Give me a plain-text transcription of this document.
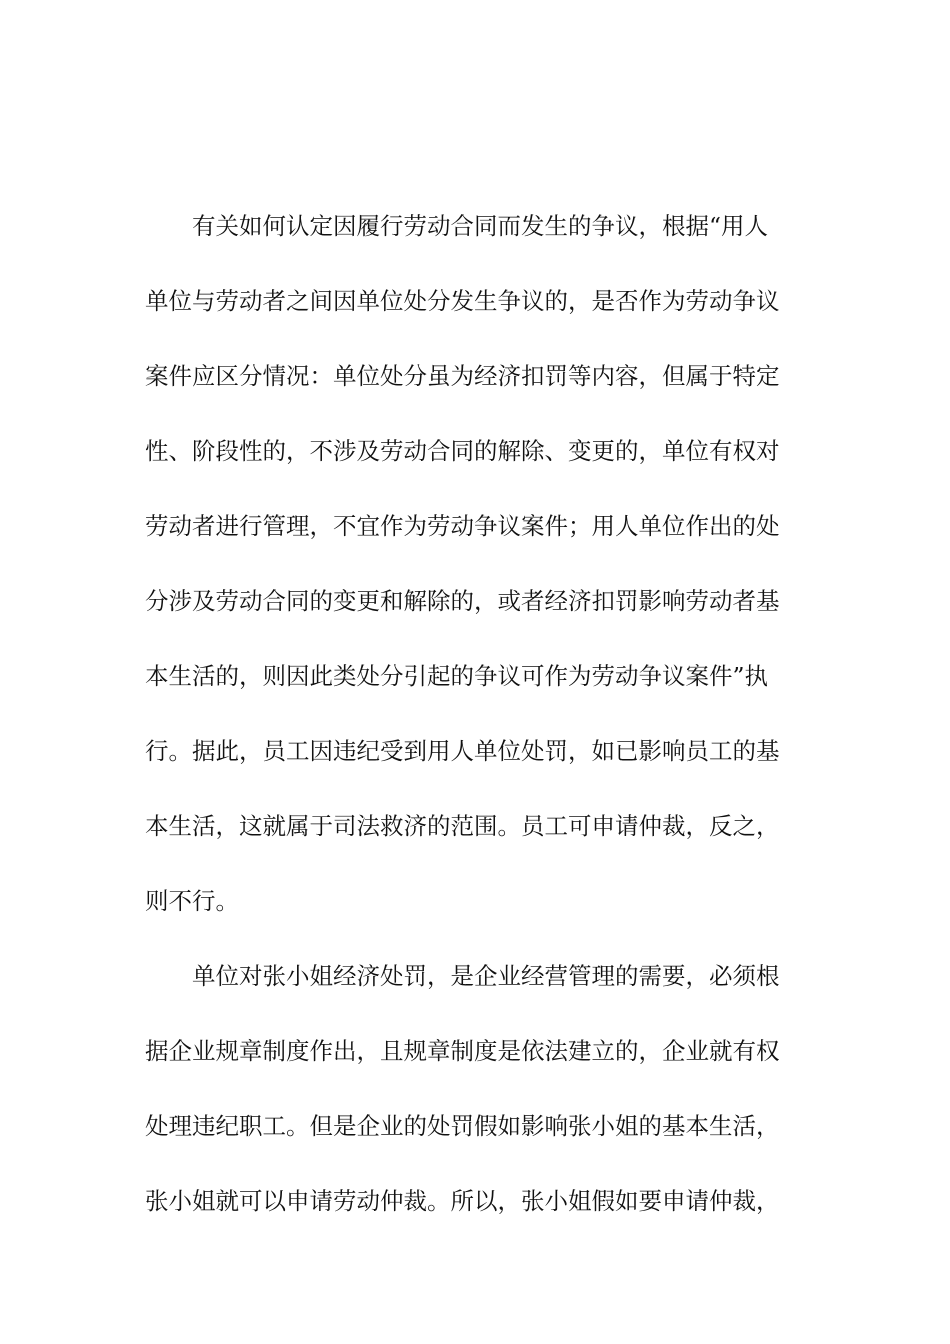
有关如何认定因履行劳动合同而发生的争议，根据“用人
单位与劳动者之间因单位处分发生争议的，是否作为劳动争议
案件应区分情况：单位处分虽为经济扣罚等内容，但属于特定
性、阶段性的，不涉及劳动合同的解除、变更的，单位有权对
劳动者进行管理，不宜作为劳动争议案件；用人单位作出的处
分涉及劳动合同的变更和解除的，或者经济扣罚影响劳动者基
本生活的，则因此类处分引起的争议可作为劳动争议案件”执
行。据此，员工因违纪受到用人单位处罚，如已影响员工的基
本生活，这就属于司法救济的范围。员工可申请仲裁，反之，
则不行。
单位对张小姐经济处罚，是企业经营管理的需要，必须根
据企业规章制度作出，且规章制度是依法建立的，企业就有权
处理违纪职工。但是企业的处罚假如影响张小姐的基本生活，
张小姐就可以申请劳动仲裁。所以，张小姐假如要申请仲裁，
